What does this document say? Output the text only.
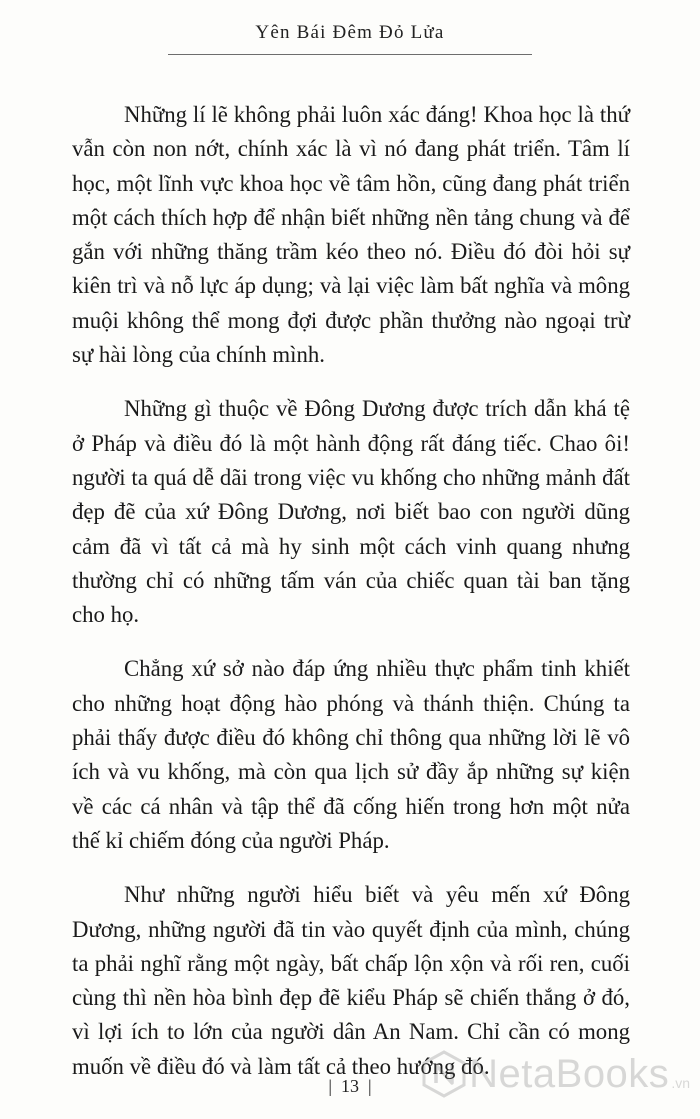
Yên Bái Đêm Đỏ Lửa

Những lí lẽ không phải luôn xác đáng! Khoa học là thứ vẫn còn non nớt, chính xác là vì nó đang phát triển. Tâm lí học, một lĩnh vực khoa học về tâm hồn, cũng đang phát triển một cách thích hợp để nhận biết những nền tảng chung và để gắn với những thăng trầm kéo theo nó. Điều đó đòi hỏi sự kiên trì và nỗ lực áp dụng; và lại việc làm bất nghĩa và mông muội không thể mong đợi được phần thưởng nào ngoại trừ sự hài lòng của chính mình.

Những gì thuộc về Đông Dương được trích dẫn khá tệ ở Pháp và điều đó là một hành động rất đáng tiếc. Chao ôi! người ta quá dễ dãi trong việc vu khống cho những mảnh đất đẹp đẽ của xứ Đông Dương, nơi biết bao con người dũng cảm đã vì tất cả mà hy sinh một cách vinh quang nhưng thường chỉ có những tấm ván của chiếc quan tài ban tặng cho họ.

Chẳng xứ sở nào đáp ứng nhiều thực phẩm tinh khiết cho những hoạt động hào phóng và thánh thiện. Chúng ta phải thấy được điều đó không chỉ thông qua những lời lẽ vô ích và vu khống, mà còn qua lịch sử đầy ắp những sự kiện về các cá nhân và tập thể đã cống hiến trong hơn một nửa thế kỉ chiếm đóng của người Pháp.

Như những người hiểu biết và yêu mến xứ Đông Dương, những người đã tin vào quyết định của mình, chúng ta phải nghĩ rằng một ngày, bất chấp lộn xộn và rối ren, cuối cùng thì nền hòa bình đẹp đẽ kiểu Pháp sẽ chiến thắng ở đó, vì lợi ích to lớn của người dân An Nam. Chỉ cần có mong muốn về điều đó và làm tất cả theo hướng đó.

| 13 |	NetaBooks .vn
